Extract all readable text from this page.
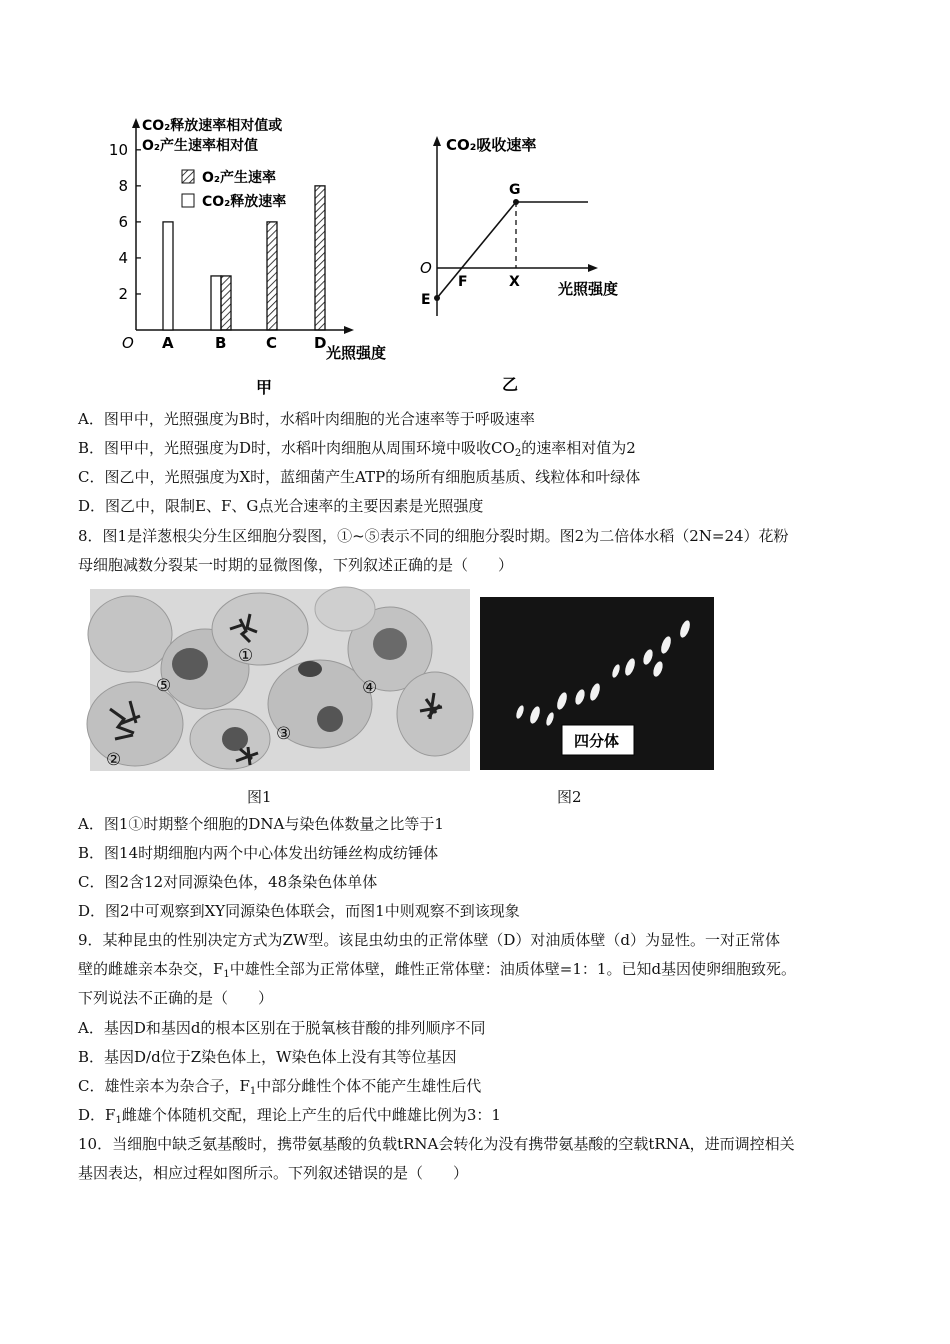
2
4
6
8
10
A	B	C D
CO₂释放速率相对值或
O₂产生速率相对值
O₂产生速率
CO₂释放速率
O
光照强度
甲
CO₂吸收速率
O
E
F
G
X	光照强度
乙
A．图甲中，光照强度为B时，水稻叶肉细胞的光合速率等于呼吸速率
B．图甲中，光照强度为D时，水稻叶肉细胞从周围环境中吸收$CO_2$的速率相对值为2
C．图乙中，光照强度为X时，蓝细菌产生ATP的场所有细胞质基质、线粒体和叶绿体
D．图乙中，限制E、F、G点光合速率的主要因素是光照强度
8．图1是洋葱根尖分生区细胞分裂图，①~⑤表示不同的细胞分裂时期。图2为二倍体水稻（2N=24）花粉
母细胞减数分裂某一时期的显微图像，下列叙述正确的是（　　）
①
②
③
④
⑤
四分体
图1	图2
A．图1①时期整个细胞的DNA与染色体数量之比等于1
B．图14时期细胞内两个中心体发出纺锤丝构成纺锤体
C．图2含12对同源染色体，48条染色体单体
D．图2中可观察到XY同源染色体联会，而图1中则观察不到该现象
9．某种昆虫的性别决定方式为ZW型。该昆虫幼虫的正常体壁（D）对油质体壁（d）为显性。一对正常体
壁的雌雄亲本杂交，$F_1$中雄性全部为正常体壁，雌性正常体壁：油质体壁=1：1。已知d基因使卵细胞致死。
下列说法不正确的是（　　）
A．基因D和基因d的根本区别在于脱氧核苷酸的排列顺序不同
B．基因D/d位于Z染色体上，W染色体上没有其等位基因
C．雄性亲本为杂合子，$F_1$中部分雌性个体不能产生雄性后代
D．$F_1$雌雄个体随机交配，理论上产生的后代中雌雄比例为3：1
10．当细胞中缺乏氨基酸时，携带氨基酸的负载tRNA会转化为没有携带氨基酸的空载tRNA，进而调控相关
基因表达，相应过程如图所示。下列叙述错误的是（　　）
